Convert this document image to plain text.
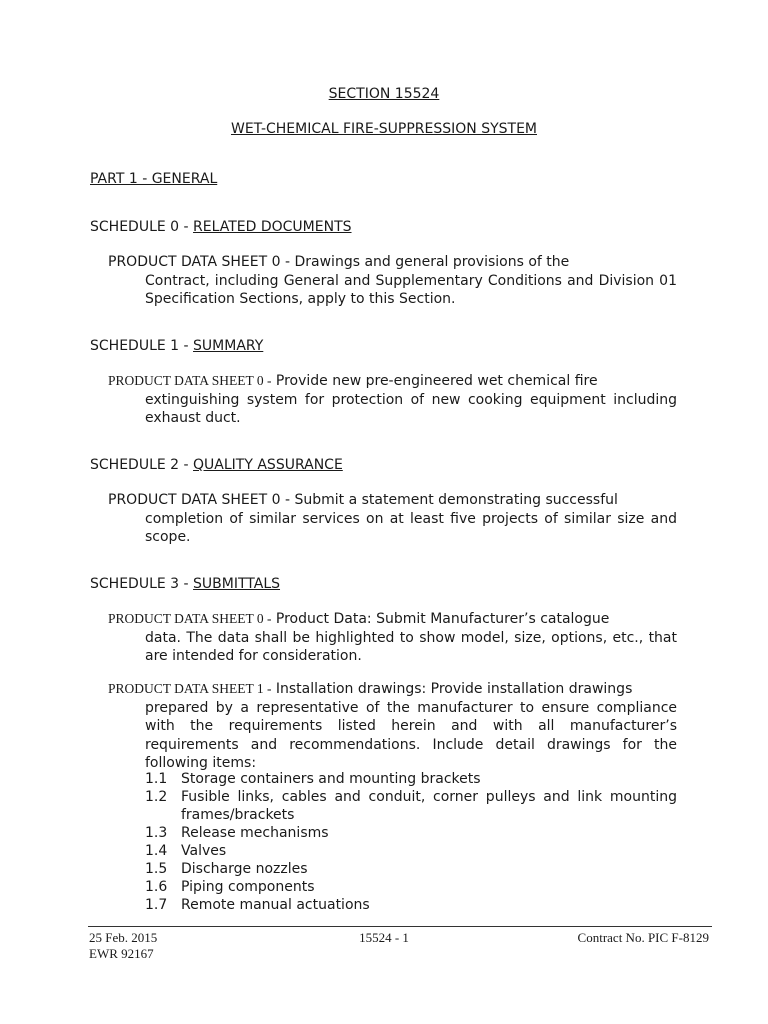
SECTION 15524
WET-CHEMICAL FIRE-SUPPRESSION SYSTEM
PART 1 - GENERAL
SCHEDULE 0 - RELATED DOCUMENTS
PRODUCT DATA SHEET 0 - Drawings and general provisions of the
Contract, including General and Supplementary Conditions and Division 01 Specification Sections, apply to this Section.
SCHEDULE 1 - SUMMARY
PRODUCT DATA SHEET 0 - Provide new pre-engineered wet chemical fire
extinguishing system for protection of new cooking equipment including exhaust duct.
SCHEDULE 2 - QUALITY ASSURANCE
PRODUCT DATA SHEET 0 - Submit a statement demonstrating successful
completion of similar services on at least five projects of similar size and scope.
SCHEDULE 3 - SUBMITTALS
PRODUCT DATA SHEET 0 - Product Data: Submit Manufacturer’s catalogue
data. The data shall be highlighted to show model, size, options, etc., that are intended for consideration.
PRODUCT DATA SHEET 1 - Installation drawings: Provide installation drawings
prepared by a representative of the manufacturer to ensure compliance with the requirements listed herein and with all manufacturer’s requirements and recommendations. Include detail drawings for the following items:
1.1 Storage containers and mounting brackets
1.2 Fusible links, cables and conduit, corner pulleys and link mounting frames/brackets
1.3 Release mechanisms
1.4 Valves
1.5 Discharge nozzles
1.6 Piping components
1.7 Remote manual actuations
25 Feb. 2015
EWR 92167
15524 - 1	Contract No. PIC F-8129
